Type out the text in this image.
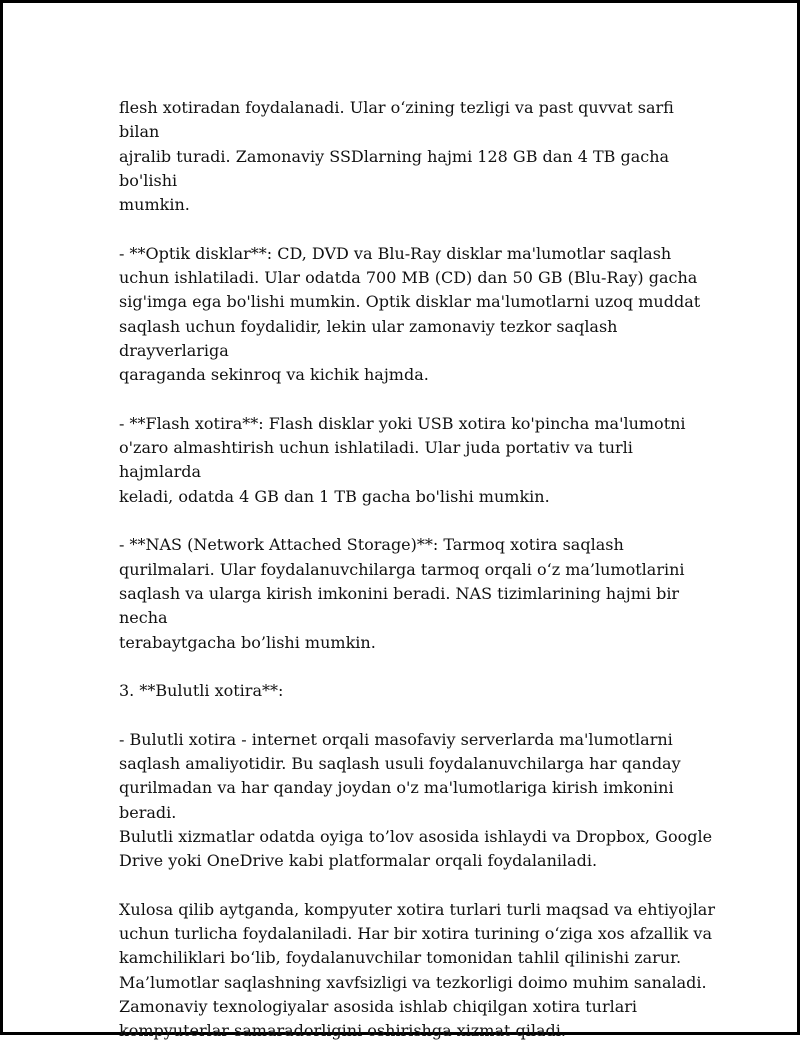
flesh xotiradan foydalanadi. Ular o‘zining tezligi va past quvvat sarfi bilan
ajralib turadi. Zamonaviy SSDlarning hajmi 128 GB dan 4 TB gacha bo'lishi
mumkin.

- **Optik disklar**: CD, DVD va Blu-Ray disklar ma'lumotlar saqlash
uchun ishlatiladi. Ular odatda 700 MB (CD) dan 50 GB (Blu-Ray) gacha
sig'imga ega bo'lishi mumkin. Optik disklar ma'lumotlarni uzoq muddat
saqlash uchun foydalidir, lekin ular zamonaviy tezkor saqlash drayverlariga
qaraganda sekinroq va kichik hajmda.

- **Flash xotira**: Flash disklar yoki USB xotira ko'pincha ma'lumotni
o'zaro almashtirish uchun ishlatiladi. Ular juda portativ va turli hajmlarda
keladi, odatda 4 GB dan 1 TB gacha bo'lishi mumkin.

- **NAS (Network Attached Storage)**: Tarmoq xotira saqlash
qurilmalari. Ular foydalanuvchilarga tarmoq orqali o‘z ma’lumotlarini
saqlash va ularga kirish imkonini beradi. NAS tizimlarining hajmi bir necha
terabaytgacha bo’lishi mumkin.

3. **Bulutli xotira**:

- Bulutli xotira - internet orqali masofaviy serverlarda ma'lumotlarni
saqlash amaliyotidir. Bu saqlash usuli foydalanuvchilarga har qanday
qurilmadan va har qanday joydan o'z ma'lumotlariga kirish imkonini beradi.
Bulutli xizmatlar odatda oyiga to’lov asosida ishlaydi va Dropbox, Google
Drive yoki OneDrive kabi platformalar orqali foydalaniladi.

Xulosa qilib aytganda, kompyuter xotira turlari turli maqsad va ehtiyojlar
uchun turlicha foydalaniladi. Har bir xotira turining o‘ziga xos afzallik va
kamchiliklari bo‘lib, foydalanuvchilar tomonidan tahlil qilinishi zarur.
Ma’lumotlar saqlashning xavfsizligi va tezkorligi doimo muhim sanaladi.
Zamonaviy texnologiyalar asosida ishlab chiqilgan xotira turlari
kompyuterlar samaradorligini oshirishga xizmat qiladi.
